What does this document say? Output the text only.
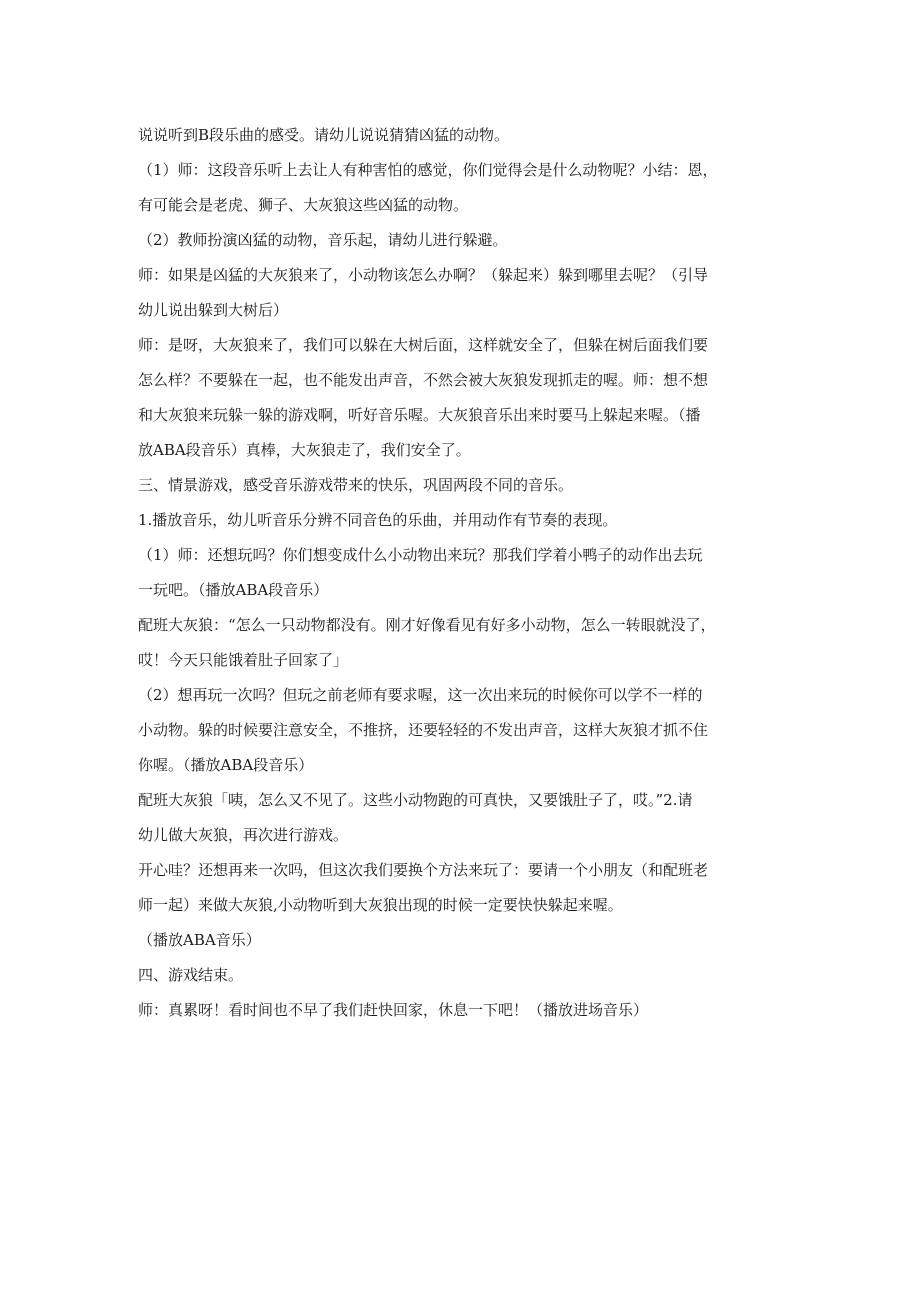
说说听到B段乐曲的感受。请幼儿说说猜猜凶猛的动物。
（1）师：这段音乐听上去让人有种害怕的感觉，你们觉得会是什么动物呢？小结：恩，
有可能会是老虎、狮子、大灰狼这些凶猛的动物。
（2）教师扮演凶猛的动物，音乐起，请幼儿进行躲避。
师：如果是凶猛的大灰狼来了，小动物该怎么办啊？（躲起来）躲到哪里去呢？（引导
幼儿说出躲到大树后）
师：是呀，大灰狼来了，我们可以躲在大树后面，这样就安全了，但躲在树后面我们要
怎么样？不要躲在一起，也不能发出声音，不然会被大灰狼发现抓走的喔。师：想不想
和大灰狼来玩躲一躲的游戏啊，听好音乐喔。大灰狼音乐出来时要马上躲起来喔。（播
放ABA段音乐）真棒，大灰狼走了，我们安全了。
三、情景游戏，感受音乐游戏带来的快乐，巩固两段不同的音乐。
1.播放音乐，幼儿听音乐分辨不同音色的乐曲，并用动作有节奏的表现。
（1）师：还想玩吗？你们想变成什么小动物出来玩？那我们学着小鸭子的动作出去玩
一玩吧。（播放ABA段音乐）
配班大灰狼：“怎么一只动物都没有。刚才好像看见有好多小动物，怎么一转眼就没了，
哎！今天只能饿着肚子回家了」
（2）想再玩一次吗？但玩之前老师有要求喔，这一次出来玩的时候你可以学不一样的
小动物。躲的时候要注意安全，不推挤，还要轻轻的不发出声音，这样大灰狼才抓不住
你喔。（播放ABA段音乐）
配班大灰狼「咦，怎么又不见了。这些小动物跑的可真快，又要饿肚子了，哎。”2.请
幼儿做大灰狼，再次进行游戏。
开心哇？还想再来一次吗，但这次我们要换个方法来玩了：要请一个小朋友（和配班老
师一起）来做大灰狼,小动物听到大灰狼出现的时候一定要快快躲起来喔。
（播放ABA音乐）
四、游戏结束。
师：真累呀！看时间也不早了我们赶快回家，休息一下吧！（播放进场音乐）
